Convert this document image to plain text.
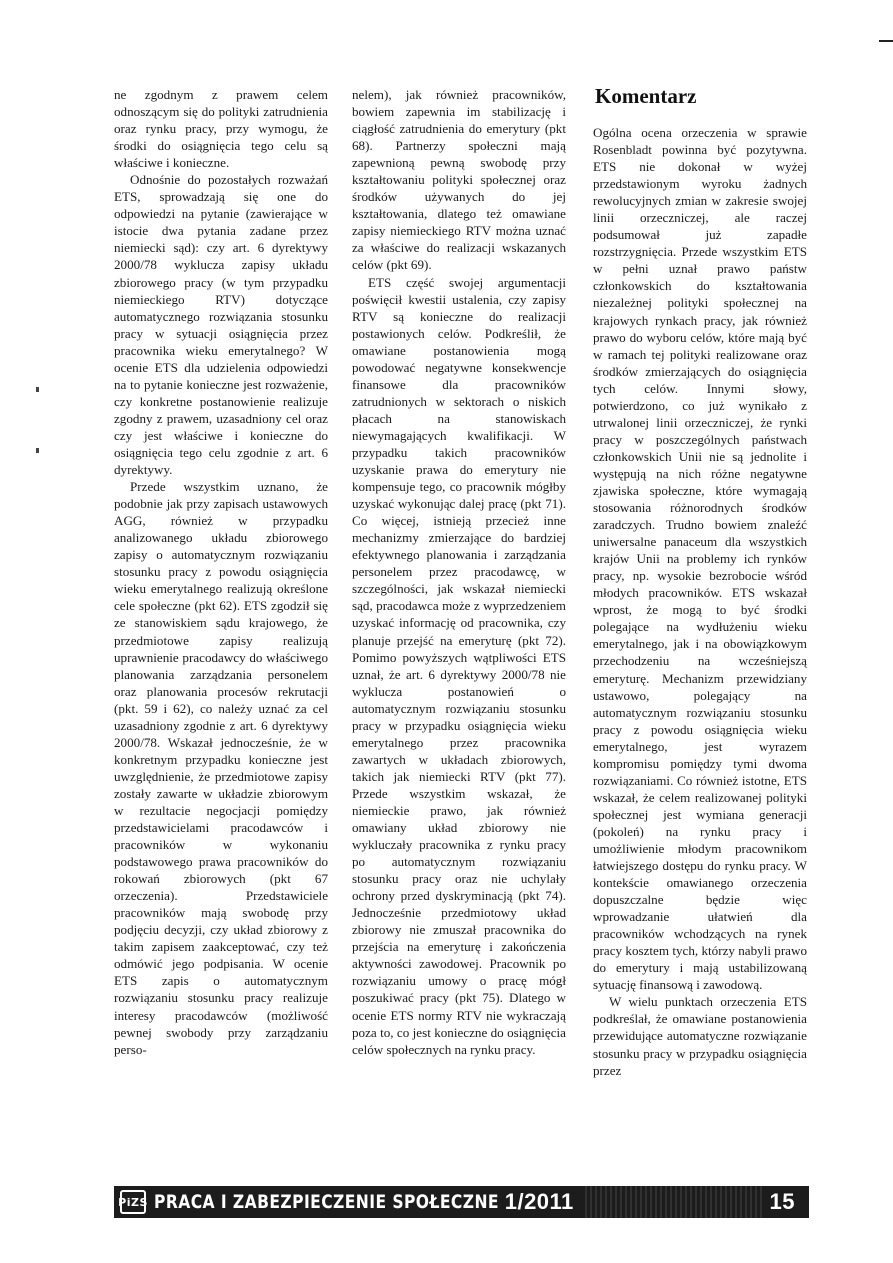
ne zgodnym z prawem celem odnoszącym się do polityki zatrudnienia oraz rynku pracy, przy wymogu, że środki do osiągnięcia tego celu są właściwe i konieczne.

Odnośnie do pozostałych rozważań ETS, sprowadzają się one do odpowiedzi na pytanie (zawierające w istocie dwa pytania zadane przez niemiecki sąd): czy art. 6 dyrektywy 2000/78 wyklucza zapisy układu zbiorowego pracy (w tym przypadku niemieckiego RTV) dotyczące automatycznego rozwiązania stosunku pracy w sytuacji osiągnięcia przez pracownika wieku emerytalnego? W ocenie ETS dla udzielenia odpowiedzi na to pytanie konieczne jest rozważenie, czy konkretne postanowienie realizuje zgodny z prawem, uzasadniony cel oraz czy jest właściwe i konieczne do osiągnięcia tego celu zgodnie z art. 6 dyrektywy.

Przede wszystkim uznano, że podobnie jak przy zapisach ustawowych AGG, również w przypadku analizowanego układu zbiorowego zapisy o automatycznym rozwiązaniu stosunku pracy z powodu osiągnięcia wieku emerytalnego realizują określone cele społeczne (pkt 62). ETS zgodził się ze stanowiskiem sądu krajowego, że przedmiotowe zapisy realizują uprawnienie pracodawcy do właściwego planowania zarządzania personelem oraz planowania procesów rekrutacji (pkt. 59 i 62), co należy uznać za cel uzasadniony zgodnie z art. 6 dyrektywy 2000/78. Wskazał jednocześnie, że w konkretnym przypadku konieczne jest uwzględnienie, że przedmiotowe zapisy zostały zawarte w układzie zbiorowym w rezultacie negocjacji pomiędzy przedstawicielami pracodawców i pracowników w wykonaniu podstawowego prawa pracowników do rokowań zbiorowych (pkt 67 orzeczenia). Przedstawiciele pracowników mają swobodę przy podjęciu decyzji, czy układ zbiorowy z takim zapisem zaakceptować, czy też odmówić jego podpisania. W ocenie ETS zapis o automatycznym rozwiązaniu stosunku pracy realizuje interesy pracodawców (możliwość pewnej swobody przy zarządzaniu perso-

nelem), jak również pracowników, bowiem zapewnia im stabilizację i ciągłość zatrudnienia do emerytury (pkt 68). Partnerzy społeczni mają zapewnioną pewną swobodę przy kształtowaniu polityki społecznej oraz środków używanych do jej kształtowania, dlatego też omawiane zapisy niemieckiego RTV można uznać za właściwe do realizacji wskazanych celów (pkt 69).

ETS część swojej argumentacji poświęcił kwestii ustalenia, czy zapisy RTV są konieczne do realizacji postawionych celów. Podkreślił, że omawiane postanowienia mogą powodować negatywne konsekwencje finansowe dla pracowników zatrudnionych w sektorach o niskich płacach na stanowiskach niewymagających kwalifikacji. W przypadku takich pracowników uzyskanie prawa do emerytury nie kompensuje tego, co pracownik mógłby uzyskać wykonując dalej pracę (pkt 71). Co więcej, istnieją przecież inne mechanizmy zmierzające do bardziej efektywnego planowania i zarządzania personelem przez pracodawcę, w szczególności, jak wskazał niemiecki sąd, pracodawca może z wyprzedzeniem uzyskać informację od pracownika, czy planuje przejść na emeryturę (pkt 72). Pomimo powyższych wątpliwości ETS uznał, że art. 6 dyrektywy 2000/78 nie wyklucza postanowień o automatycznym rozwiązaniu stosunku pracy w przypadku osiągnięcia wieku emerytalnego przez pracownika zawartych w układach zbiorowych, takich jak niemiecki RTV (pkt 77). Przede wszystkim wskazał, że niemieckie prawo, jak również omawiany układ zbiorowy nie wykluczały pracownika z rynku pracy po automatycznym rozwiązaniu stosunku pracy oraz nie uchylały ochrony przed dyskryminacją (pkt 74). Jednocześnie przedmiotowy układ zbiorowy nie zmuszał pracownika do przejścia na emeryturę i zakończenia aktywności zawodowej. Pracownik po rozwiązaniu umowy o pracę mógł poszukiwać pracy (pkt 75). Dlatego w ocenie ETS normy RTV nie wykraczają poza to, co jest konieczne do osiągnięcia celów społecznych na rynku pracy.

Komentarz

Ogólna ocena orzeczenia w sprawie Rosenbladt powinna być pozytywna. ETS nie dokonał w wyżej przedstawionym wyroku żadnych rewolucyjnych zmian w zakresie swojej linii orzeczniczej, ale raczej podsumował już zapadłe rozstrzygnięcia. Przede wszystkim ETS w pełni uznał prawo państw członkowskich do kształtowania niezależnej polityki społecznej na krajowych rynkach pracy, jak również prawo do wyboru celów, które mają być w ramach tej polityki realizowane oraz środków zmierzających do osiągnięcia tych celów. Innymi słowy, potwierdzono, co już wynikało z utrwalonej linii orzeczniczej, że rynki pracy w poszczególnych państwach członkowskich Unii nie są jednolite i występują na nich różne negatywne zjawiska społeczne, które wymagają stosowania różnorodnych środków zaradczych. Trudno bowiem znaleźć uniwersalne panaceum dla wszystkich krajów Unii na problemy ich rynków pracy, np. wysokie bezrobocie wśród młodych pracowników. ETS wskazał wprost, że mogą to być środki polegające na wydłużeniu wieku emerytalnego, jak i na obowiązkowym przechodzeniu na wcześniejszą emeryturę. Mechanizm przewidziany ustawowo, polegający na automatycznym rozwiązaniu stosunku pracy z powodu osiągnięcia wieku emerytalnego, jest wyrazem kompromisu pomiędzy tymi dwoma rozwiązaniami. Co również istotne, ETS wskazał, że celem realizowanej polityki społecznej jest wymiana generacji (pokoleń) na rynku pracy i umożliwienie młodym pracownikom łatwiejszego dostępu do rynku pracy. W kontekście omawianego orzeczenia dopuszczalne będzie więc wprowadzanie ułatwień dla pracowników wchodzących na rynek pracy kosztem tych, którzy nabyli prawo do emerytury i mają ustabilizowaną sytuację finansową i zawodową.

W wielu punktach orzeczenia ETS podkreślał, że omawiane postanowienia przewidujące automatyczne rozwiązanie stosunku pracy w przypadku osiągnięcia przez

PiZS PRACA I ZABEZPIECZENIE SPOŁECZNE 1/2011	15
